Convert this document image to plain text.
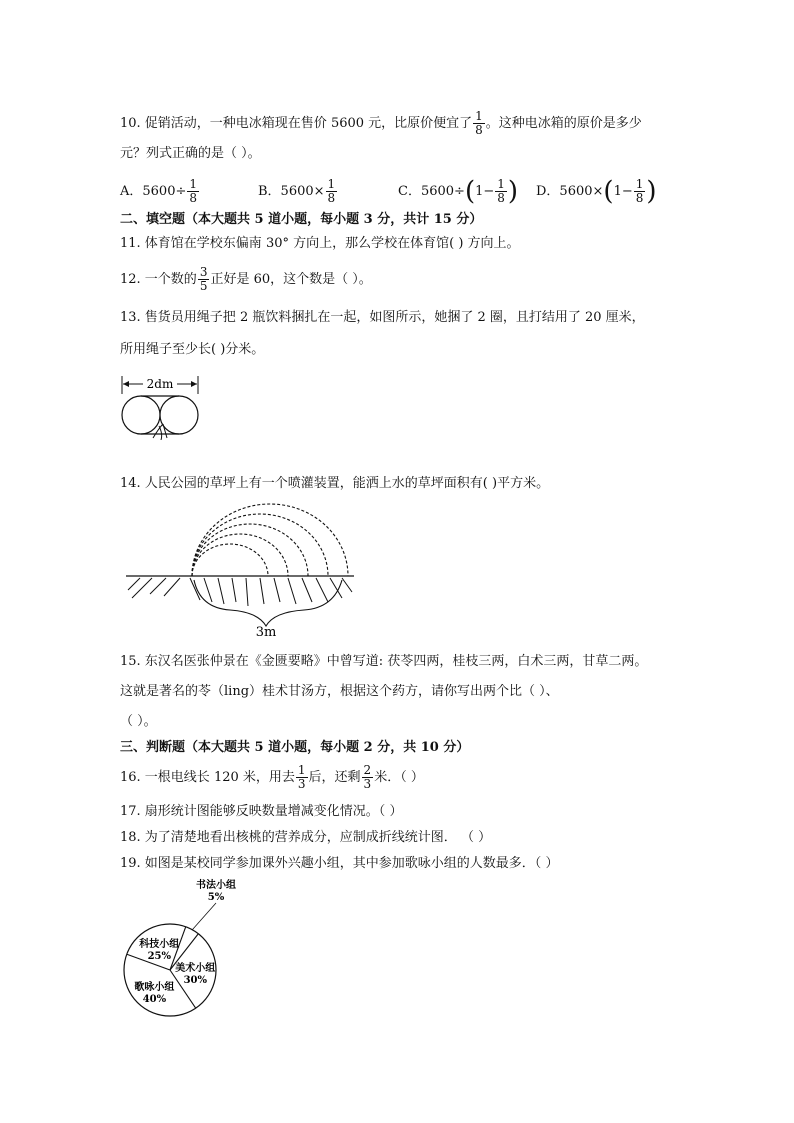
10. 促销活动，一种电冰箱现在售价 5600 元，比原价便宜了 $\frac{1}{8}$ 。这种电冰箱的原价是多少
元？列式正确的是（ ）。
A．$5600\div \frac{1}{8}$	B．$5600\times \frac{1}{8}$	C．$5600\div(1- \frac{1}{8}$ ) D．$5600\times(1- \frac{1}{8}$ )
二、填空题（本大题共 5 道小题，每小题 3 分，共计 15 分）
11. 体育馆在学校东偏南 30° 方向上，那么学校在体育馆( ) 方向上。
12. 一个数的 $\frac{3}{5}$ 正好是 60，这个数是（ ）。
13. 售货员用绳子把 2 瓶饮料捆扎在一起，如图所示，她捆了 2 圈，且打结用了 20 厘米，
所用绳子至少长( )分米。
2dm
14. 人民公园的草坪上有一个喷灌装置，能洒上水的草坪面积有( )平方米。
3m
15. 东汉名医张仲景在《金匮要略》中曾写道: 茯苓四两，桂枝三两，白术三两，甘草二两。
这就是著名的苓（ling）桂术甘汤方，根据这个药方，请你写出两个比（ ）、
（ ）。
三、判断题（本大题共 5 道小题，每小题 2 分，共 10 分）
16. 一根电线长 120 米，用去 $\frac{1}{3}$ 后，还剩 $\frac{2}{3}$ 米．（ ）
17. 扇形统计图能够反映数量增减变化情况。（ ）
18. 为了清楚地看出核桃的营养成分，应制成折线统计图． （ ）
19. 如图是某校同学参加课外兴趣小组，其中参加歌咏小组的人数最多．（ ）
书法小组
5%
美术小组
30%
歌咏小组
40%
科技小组
25%
